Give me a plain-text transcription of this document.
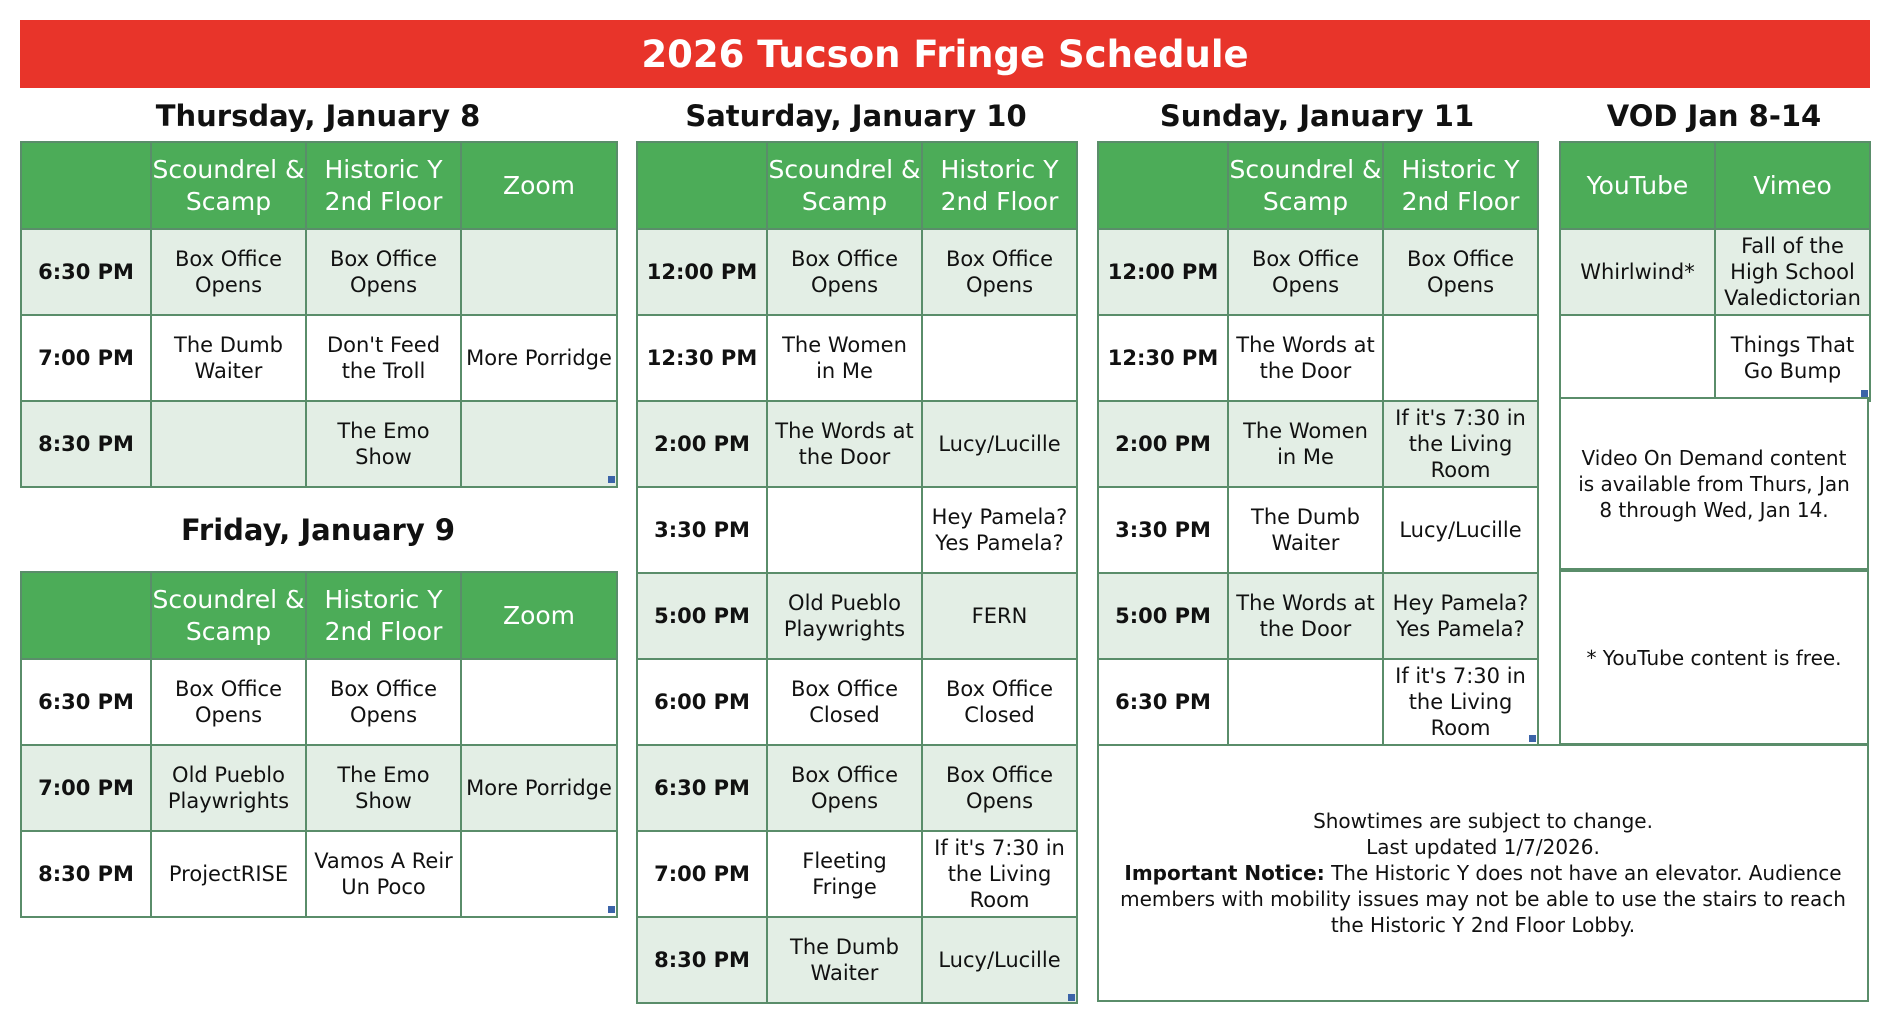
2026 Tucson Fringe Schedule
Thursday, January 8
Friday, January 9
Saturday, January 10	Sunday, January 11	VOD Jan 8-14
	Scoundrel & Scamp	Historic Y 2nd Floor	Zoom
6:30 PM	Box Office Opens	Box Office Opens	
7:00 PM	The Dumb Waiter	Don't Feed the Troll	More Porridge
8:30 PM		The Emo Show	
	Scoundrel & Scamp	Historic Y 2nd Floor	Zoom
6:30 PM	Box Office Opens	Box Office Opens	
7:00 PM	Old Pueblo Playwrights	The Emo Show	More Porridge
8:30 PM	ProjectRISE	Vamos A Reir Un Poco	
	Scoundrel & Scamp	Historic Y 2nd Floor
12:00 PM	Box Office Opens	Box Office Opens
12:30 PM	The Women in Me	
2:00 PM	The Words at the Door	Lucy/Lucille
3:30 PM		Hey Pamela? Yes Pamela?
5:00 PM	Old Pueblo Playwrights	FERN
6:00 PM	Box Office Closed	Box Office Closed
6:30 PM	Box Office Opens	Box Office Opens
7:00 PM	Fleeting Fringe	If it's 7:30 in the Living Room
8:30 PM	The Dumb Waiter	Lucy/Lucille
	Scoundrel & Scamp	Historic Y 2nd Floor
12:00 PM	Box Office Opens	Box Office Opens
12:30 PM	The Words at the Door	
2:00 PM	The Women in Me	If it's 7:30 in the Living Room
3:30 PM	The Dumb Waiter	Lucy/Lucille
5:00 PM	The Words at the Door	Hey Pamela? Yes Pamela?
6:30 PM		If it's 7:30 in the Living Room
YouTube	Vimeo
Whirlwind*	Fall of the High School Valedictorian
	Things That Go Bump
Video On Demand content is available from Thurs, Jan 8 through Wed, Jan 14.
* YouTube content is free.
Showtimes are subject to change.
Last updated 1/7/2026.
Important Notice: The Historic Y does not have an elevator. Audience members with mobility issues may not be able to use the stairs to reach the Historic Y 2nd Floor Lobby.
